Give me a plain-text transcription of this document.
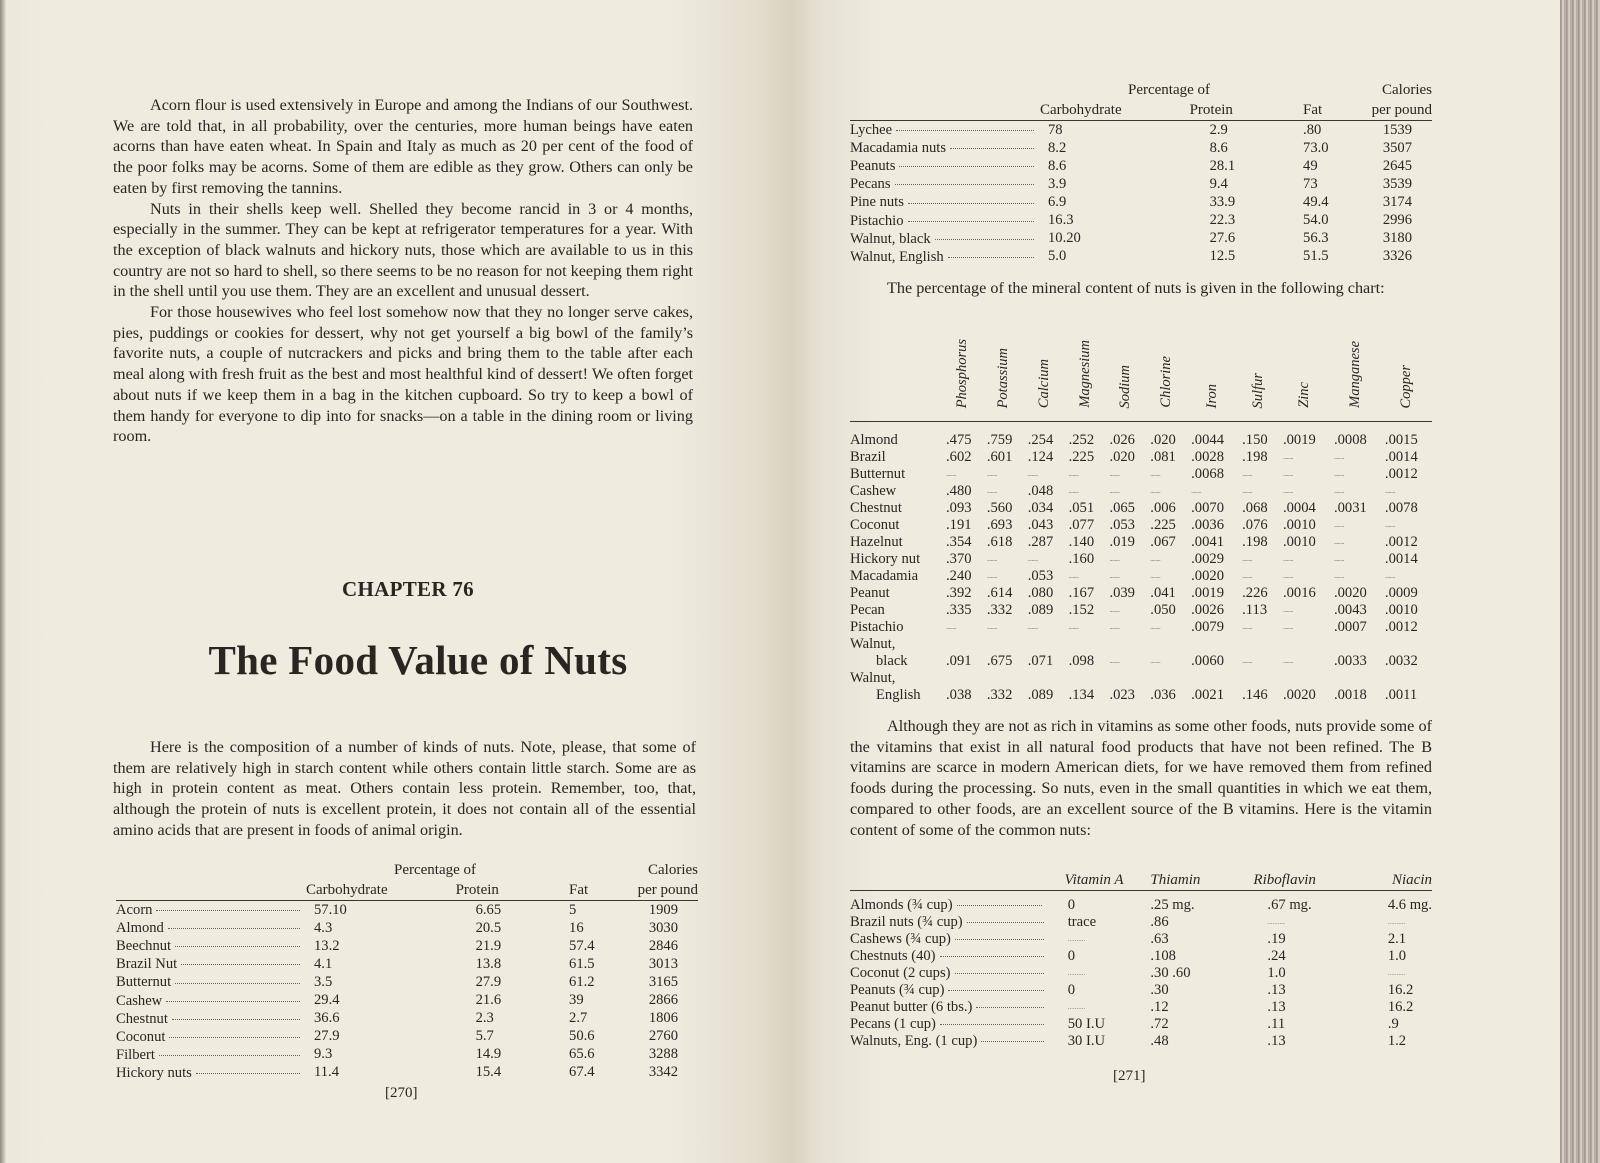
Acorn flour is used extensively in Europe and among the Indians of our Southwest. We are told that, in all probability, over the centuries, more human beings have eaten acorns than have eaten wheat. In Spain and Italy as much as 20 per cent of the food of the poor folks may be acorns. Some of them are edible as they grow. Others can only be eaten by first removing the tannins.

Nuts in their shells keep well. Shelled they become rancid in 3 or 4 months, especially in the summer. They can be kept at refrigerator temperatures for a year. With the exception of black walnuts and hickory nuts, those which are available to us in this country are not so hard to shell, so there seems to be no reason for not keeping them right in the shell until you use them. They are an excellent and unusual dessert.

For those housewives who feel lost somehow now that they no longer serve cakes, pies, puddings or cookies for dessert, why not get yourself a big bowl of the family’s favorite nuts, a couple of nutcrackers and picks and bring them to the table after each meal along with fresh fruit as the best and most healthful kind of dessert! We often forget about nuts if we keep them in a bag in the kitchen cupboard. So try to keep a bowl of them handy for everyone to dip into for snacks—on a table in the dining room or living room.

CHAPTER 76
The Food Value of Nuts

Here is the composition of a number of kinds of nuts. Note, please, that some of them are relatively high in starch content while others contain little starch. Some are as high in protein content as meat. Others contain less protein. Remember, too, that, although the protein of nuts is excellent protein, it does not contain all of the essential amino acids that are present in foods of animal origin.

	Percentage of			Calories
	Carbohydrate	Protein	Fat	per pound
Acorn	57.10	6.65	5	1909
Almond	4.3	20.5	16	3030
Beechnut	13.2	21.9	57.4	2846
Brazil Nut	4.1	13.8	61.5	3013
Butternut	3.5	27.9	61.2	3165
Cashew	29.4	21.6	39	2866
Chestnut	36.6	2.3	2.7	1806
Coconut	27.9	5.7	50.6	2760
Filbert	9.3	14.9	65.6	3288
Hickory nuts	11.4	15.4	67.4	3342
[270]
	Percentage of			Calories
	Carbohydrate	Protein	Fat	per pound
Lychee	78	2.9	.80	1539
Macadamia nuts	8.2	8.6	73.0	3507
Peanuts	8.6	28.1	49	2645
Pecans	3.9	9.4	73	3539
Pine nuts	6.9	33.9	49.4	3174
Pistachio	16.3	22.3	54.0	2996
Walnut, black	10.20	27.6	56.3	3180
Walnut, English	5.0	12.5	51.5	3326

The percentage of the mineral content of nuts is given in the following chart:

	Phosphorus	Potassium	Calcium	Magnesium	Sodium	Chlorine	Iron	Sulfur	Zinc	Manganese	Copper

Almond	.475	.759	.254	.252	.026	.020	.0044	.150	.0019	.0008	.0015
Brazil	.602	.601	.124	.225	.020	.081	.0028	.198	........	........	.0014
Butternut	........	........	........	........	........	........	.0068	........	........	........	.0012
Cashew	.480	........	.048	........	........	........	........	........	........	........	........
Chestnut	.093	.560	.034	.051	.065	.006	.0070	.068	.0004	.0031	.0078
Coconut	.191	.693	.043	.077	.053	.225	.0036	.076	.0010	........	........
Hazelnut	.354	.618	.287	.140	.019	.067	.0041	.198	.0010	........	.0012
Hickory nut	.370	........	........	.160	........	........	.0029	........	........	........	.0014
Macadamia	.240	........	.053	........	........	........	.0020	........	........	........	........
Peanut	.392	.614	.080	.167	.039	.041	.0019	.226	.0016	.0020	.0009
Pecan	.335	.332	.089	.152	........	.050	.0026	.113	........	.0043	.0010
Pistachio	........	........	........	........	........	........	.0079	........	........	.0007	.0012
Walnut,											
black	.091	.675	.071	.098	........	........	.0060	........	........	.0033	.0032
Walnut,											
English	.038	.332	.089	.134	.023	.036	.0021	.146	.0020	.0018	.0011

Although they are not as rich in vitamins as some other foods, nuts provide some of the vitamins that exist in all natural food products that have not been refined. The B vitamins are scarce in modern American diets, for we have removed them from refined foods during the processing. So nuts, even in the small quantities in which we eat them, compared to other foods, are an excellent source of the B vitamins. Here is the vitamin content of some of the common nuts:

	Vitamin A	Thiamin	Riboflavin	Niacin

Almonds (¾ cup)	0	.25 mg.	.67 mg.	4.6 mg.
Brazil nuts (¾ cup)	trace	.86	..........	..........
Cashews (¾ cup)	..........	.63	.19	2.1
Chestnuts (40)	0	.108	.24	1.0
Coconut (2 cups)	..........	.30 .60	1.0	..........
Peanuts (¾ cup)	0	.30	.13	16.2
Peanut butter (6 tbs.)	..........	.12	.13	16.2
Pecans (1 cup)	50 I.U	.72	.11	.9
Walnuts, Eng. (1 cup)	30 I.U	.48	.13	1.2
[271]
